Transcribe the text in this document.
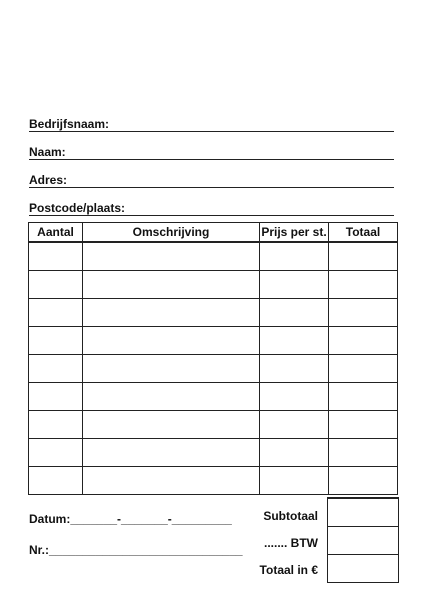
Bedrijfsnaam:
Naam:
Adres:
Postcode/plaats:
Aantal	Omschrijving	Prijs per st.	Totaal

Datum:_______-_______-_________
Nr.:_____________________________
Subtotaal
....... BTW
Totaal in €
